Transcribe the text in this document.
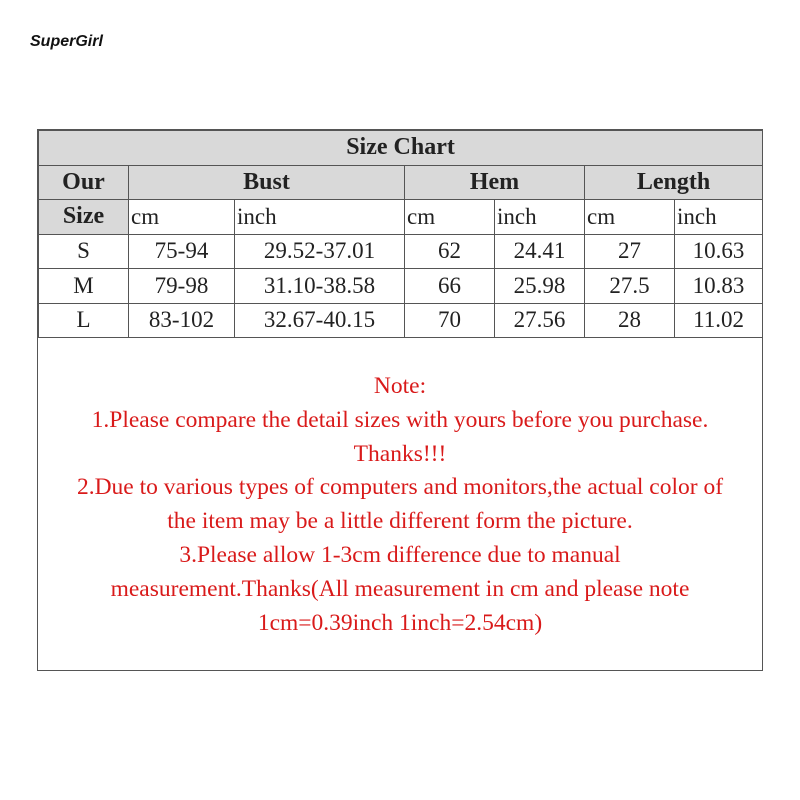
SuperGirl
Size Chart						
Our	Bust		Hem		Length	
Size	cm	inch	cm	inch	cm	inch
S	75-94	29.52-37.01	62	24.41	27	10.63
M	79-98	31.10-38.58	66	25.98	27.5	10.83
L	83-102	32.67-40.15	70	27.56	28	11.02
Note:
1.Please compare the detail sizes with yours before you purchase.
Thanks!!!
2.Due to various types of computers and monitors,the actual color of
the item may be a little different form the picture.
3.Please allow 1-3cm difference due to manual
measurement.Thanks(All measurement in cm and please note
1cm=0.39inch 1inch=2.54cm)
